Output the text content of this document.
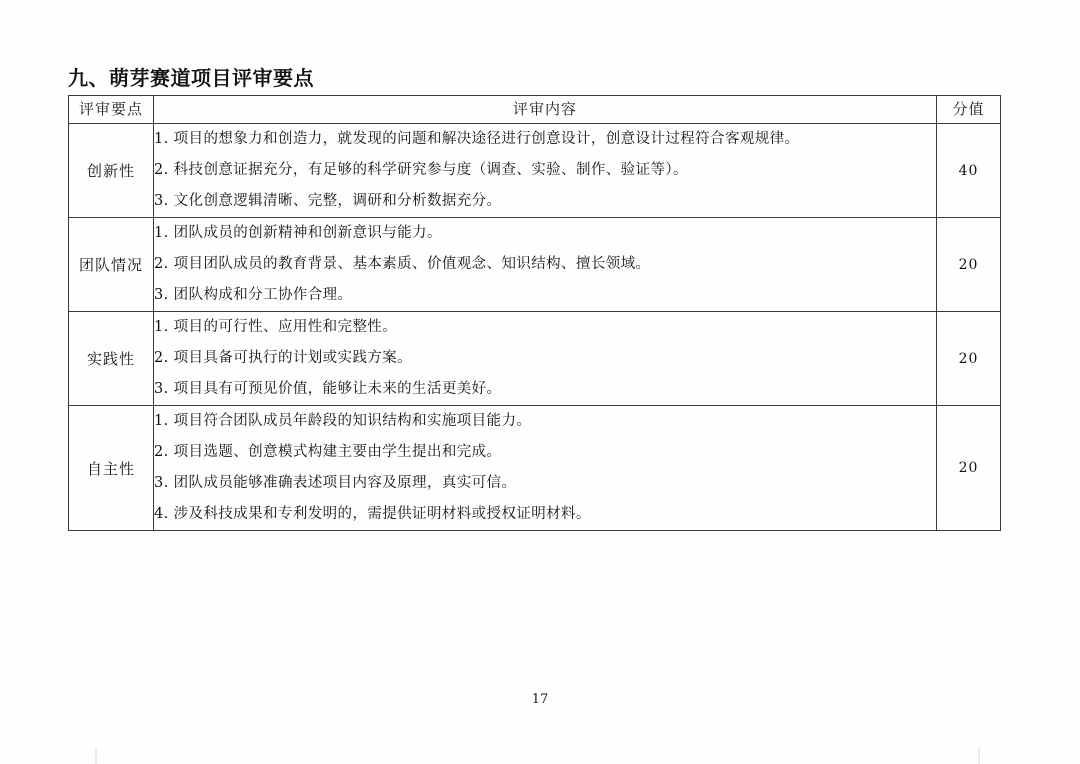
九、萌芽赛道项目评审要点
评审要点	评审内容	分值
创新性	1. 项目的想象力和创造力，就发现的问题和解决途径进行创意设计，创意设计过程符合客观规律。
2. 科技创意证据充分，有足够的科学研究参与度（调查、实验、制作、验证等）。
3. 文化创意逻辑清晰、完整，调研和分析数据充分。	40
团队情况	1. 团队成员的创新精神和创新意识与能力。
2. 项目团队成员的教育背景、基本素质、价值观念、知识结构、擅长领域。
3. 团队构成和分工协作合理。	20
实践性	1. 项目的可行性、应用性和完整性。
2. 项目具备可执行的计划或实践方案。
3. 项目具有可预见价值，能够让未来的生活更美好。	20
自主性	1. 项目符合团队成员年龄段的知识结构和实施项目能力。
2. 项目选题、创意模式构建主要由学生提出和完成。
3. 团队成员能够准确表述项目内容及原理，真实可信。
4. 涉及科技成果和专利发明的，需提供证明材料或授权证明材料。	20
17
